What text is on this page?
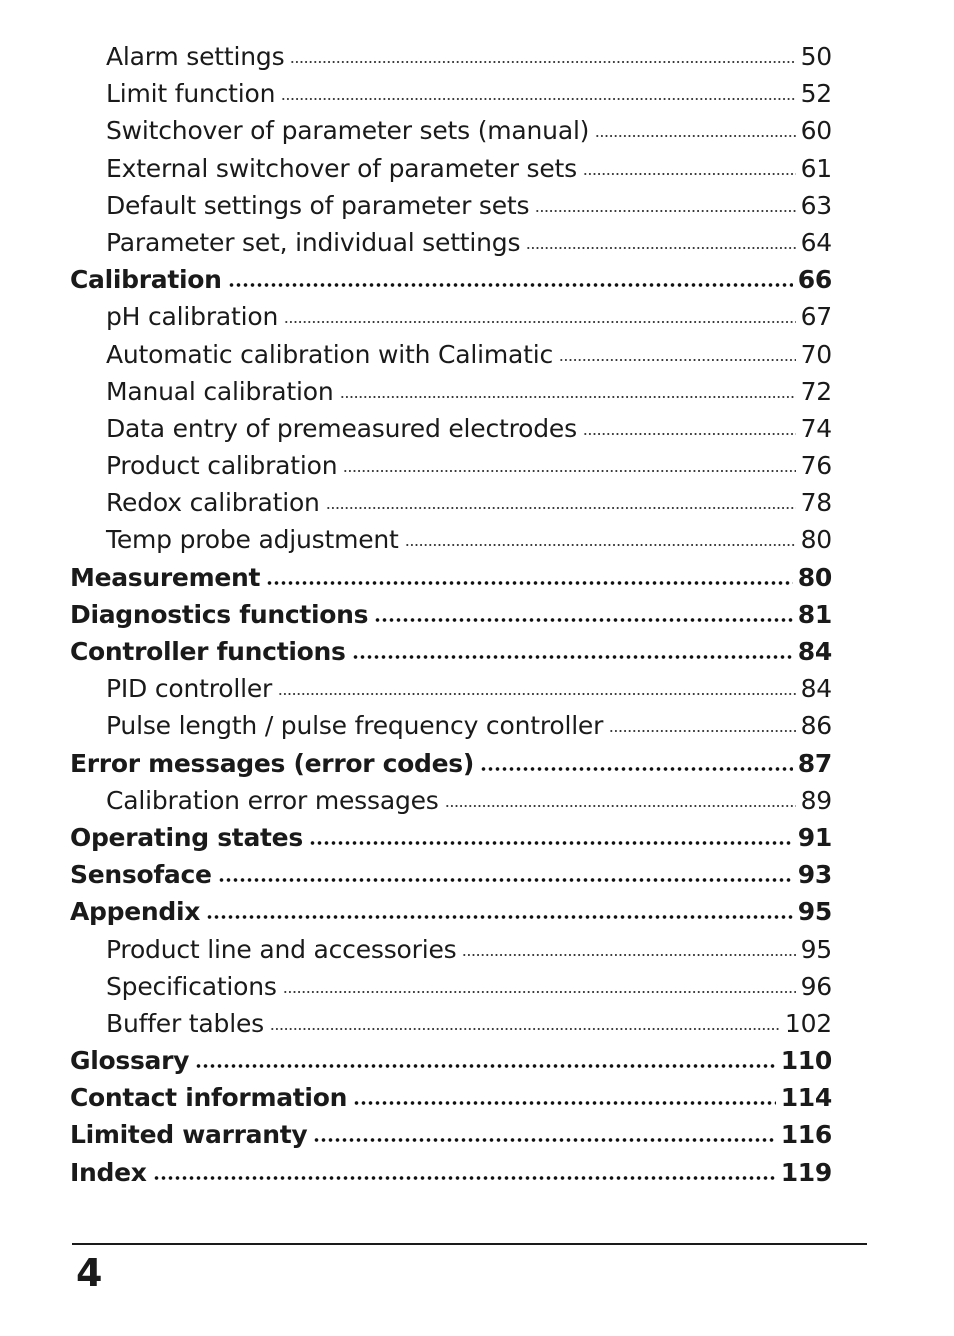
Alarm settings	50
Limit function	52
Switchover of parameter sets (manual)	60
External switchover of parameter sets	61
Default settings of parameter sets	63
Parameter set, individual settings	64
Calibration	66
pH calibration	67
Automatic calibration with Calimatic	70
Manual calibration	72
Data entry of premeasured electrodes	74
Product calibration	76
Redox calibration	78
Temp probe adjustment	80
Measurement	80
Diagnostics functions	81
Controller functions	84
PID controller	84
Pulse length / pulse frequency controller	86
Error messages (error codes)	87
Calibration error messages	89
Operating states	91
Sensoface	93
Appendix	95
Product line and accessories	95
Specifications	96
Buffer tables	102
Glossary	110
Contact information	114
Limited warranty	116
Index	119
4
